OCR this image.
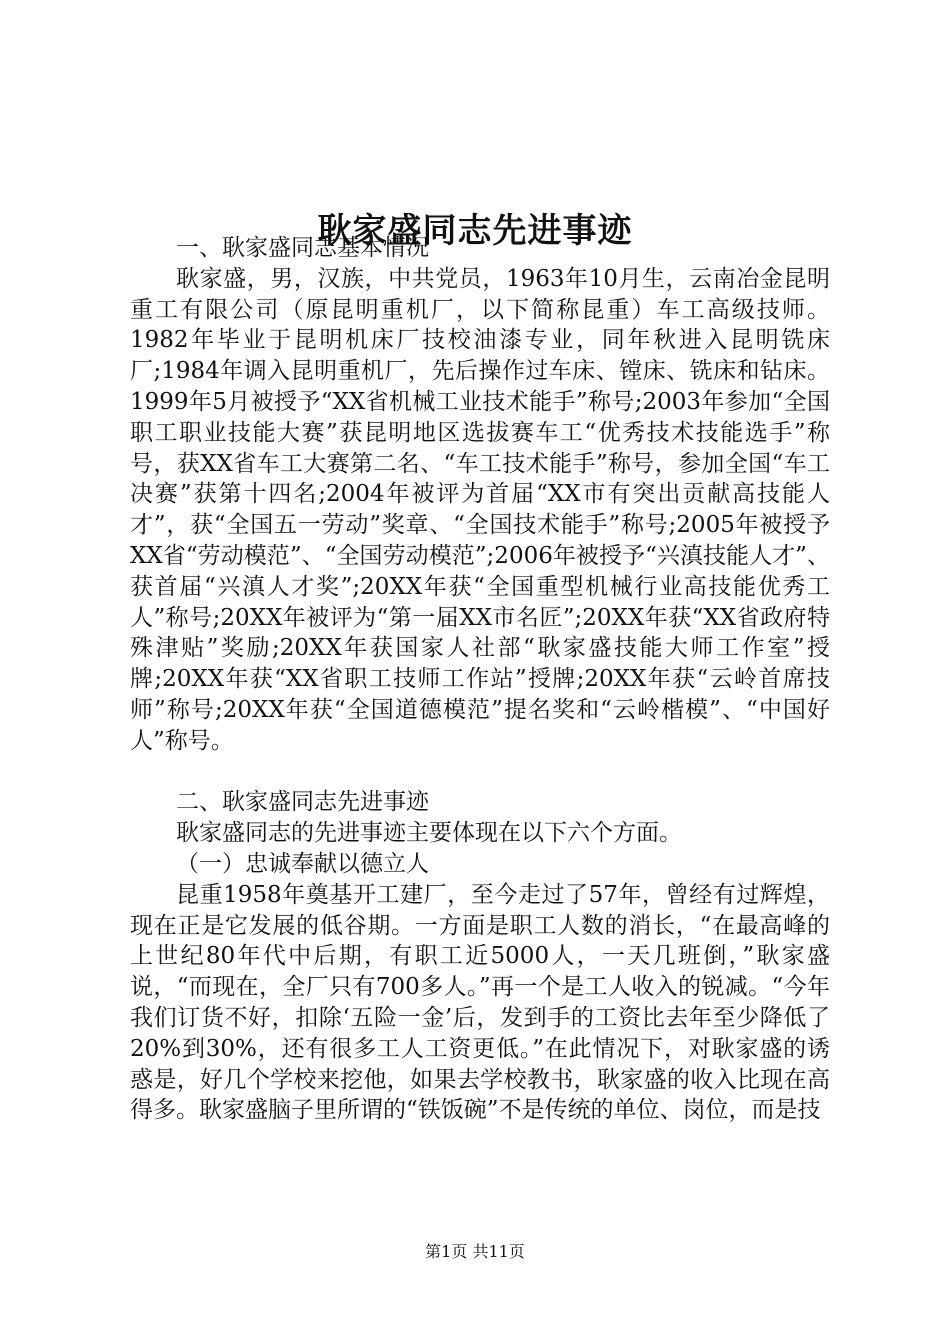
耿家盛同志先进事迹

一、耿家盛同志基本情况

耿家盛，男，汉族，中共党员，1963年10月生，云南冶金昆明重工有限公司（原昆明重机厂，以下简称昆重）车工高级技师。1982年毕业于昆明机床厂技校油漆专业，同年秋进入昆明铣床厂;1984年调入昆明重机厂，先后操作过车床、镗床、铣床和钻床。1999年5月被授予“XX省机械工业技术能手”称号;2003年参加“全国职工职业技能大赛”获昆明地区选拔赛车工“优秀技术技能选手”称号，获XX省车工大赛第二名、“车工技术能手”称号，参加全国“车工决赛”获第十四名;2004年被评为首届“XX市有突出贡献高技能人才”，获“全国五一劳动”奖章、“全国技术能手”称号;2005年被授予XX省“劳动模范”、“全国劳动模范”;2006年被授予“兴滇技能人才”、获首届“兴滇人才奖”;20XX年获“全国重型机械行业高技能优秀工人”称号;20XX年被评为“第一届XX市名匠”;20XX年获“XX省政府特殊津贴”奖励;20XX年获国家人社部“耿家盛技能大师工作室”授牌;20XX年获“XX省职工技师工作站”授牌;20XX年获“云岭首席技师”称号;20XX年获“全国道德模范”提名奖和“云岭楷模”、“中国好人”称号。

二、耿家盛同志先进事迹

耿家盛同志的先进事迹主要体现在以下六个方面。

（一）忠诚奉献以德立人

昆重1958年奠基开工建厂，至今走过了57年，曾经有过辉煌，现在正是它发展的低谷期。一方面是职工人数的消长，“在最高峰的上世纪80年代中后期，有职工近5000人，一天几班倒，”耿家盛说，“而现在，全厂只有700多人。”再一个是工人收入的锐减。“今年我们订货不好，扣除‘五险一金’后，发到手的工资比去年至少降低了20%到30%，还有很多工人工资更低。”在此情况下，对耿家盛的诱惑是，好几个学校来挖他，如果去学校教书，耿家盛的收入比现在高得多。耿家盛脑子里所谓的“铁饭碗”不是传统的单位、岗位，而是技

第1页 共11页
